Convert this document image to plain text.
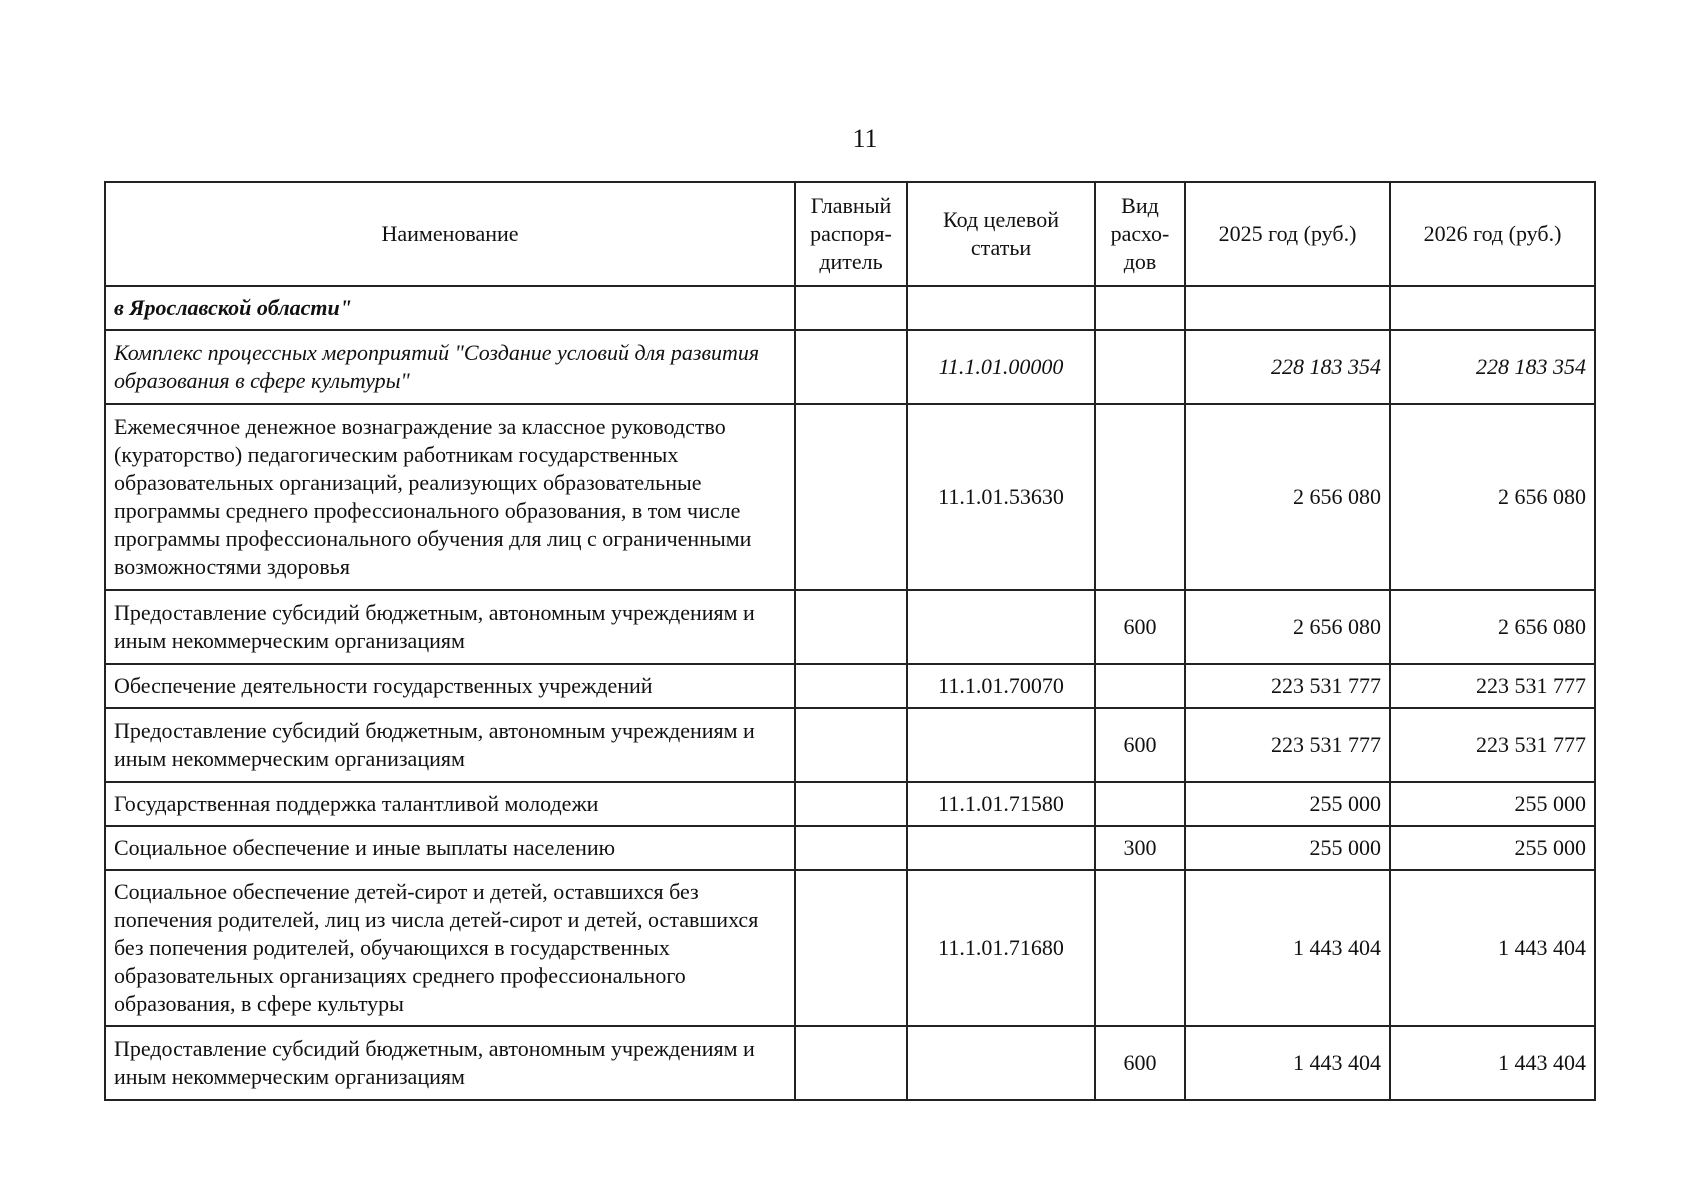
11
Наименование	Главный распоря-дитель	Код целевой статьи	Вид расхо-дов	2025 год (руб.)	2026 год (руб.)
в Ярославской области"					
Комплекс процессных мероприятий "Создание условий для развития образования в сфере культуры"		11.1.01.00000		228 183 354	228 183 354
Ежемесячное денежное вознаграждение за классное руководство (кураторство) педагогическим работникам государственных образовательных организаций, реализующих образовательные программы среднего профессионального образования, в том числе программы профессионального обучения для лиц с ограниченными возможностями здоровья		11.1.01.53630		2 656 080	2 656 080
Предоставление субсидий бюджетным, автономным учреждениям и иным некоммерческим организациям			600	2 656 080	2 656 080
Обеспечение деятельности государственных учреждений		11.1.01.70070		223 531 777	223 531 777
Предоставление субсидий бюджетным, автономным учреждениям и иным некоммерческим организациям			600	223 531 777	223 531 777
Государственная поддержка талантливой молодежи		11.1.01.71580		255 000	255 000
Социальное обеспечение и иные выплаты населению			300	255 000	255 000
Социальное обеспечение детей-сирот и детей, оставшихся без попечения родителей, лиц из числа детей-сирот и детей, оставшихся без попечения родителей, обучающихся в государственных образовательных организациях среднего профессионального образования, в сфере культуры		11.1.01.71680		1 443 404	1 443 404
Предоставление субсидий бюджетным, автономным учреждениям и иным некоммерческим организациям			600	1 443 404	1 443 404
